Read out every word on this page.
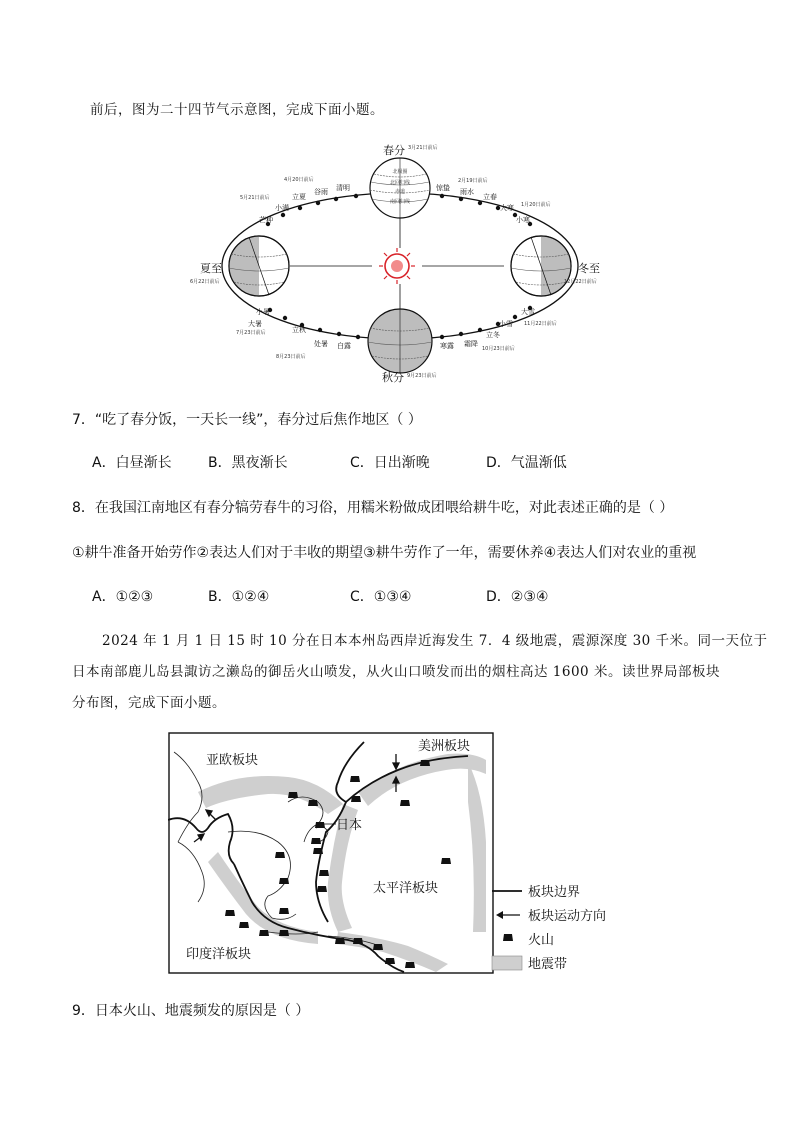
前后，图为二十四节气示意图，完成下面小题。
北极圈
北回归线
赤道
南回归线
春分 3月21日前后
夏至
6月22日前后
冬至
12月22日前后
秋分 9月23日前后
清明
谷雨
立夏
小满
芒种
4月20日前后
5月21日前后
小暑
大暑
立秋
处暑 白露
7月23日前后
8月23日前后
寒露 霜降
立冬
小雪
大雪
10月23日前后
11月22日前后
小寒
大寒
立春
雨水
惊蛰
1月20日前后
2月19日前后
7．“吃了春分饭，一天长一线”，春分过后焦作地区（ ）
A．白昼渐长	B．黑夜渐长	C．日出渐晚	D．气温渐低
8．在我国江南地区有春分犒劳春牛的习俗，用糯米粉做成团喂给耕牛吃，对此表述正确的是（ ）
①耕牛准备开始劳作②表达人们对于丰收的期望③耕牛劳作了一年，需要休养④表达人们对农业的重视
A．①②③	B．①②④	C．①③④	D．②③④
2024 年 1 月 1 日 15 时 10 分在日本本州岛西岸近海发生 7．4 级地震，震源深度 30 千米。同一天位于
日本南部鹿儿岛县諏访之濑岛的御岳火山喷发，从火山口喷发而出的烟柱高达 1600 米。读世界局部板块
分布图，完成下面小题。
亚欧板块
美洲板块
日本
太平洋板块
印度洋板块
板块边界
板块运动方向
火山
地震带
9．日本火山、地震频发的原因是（ ）
